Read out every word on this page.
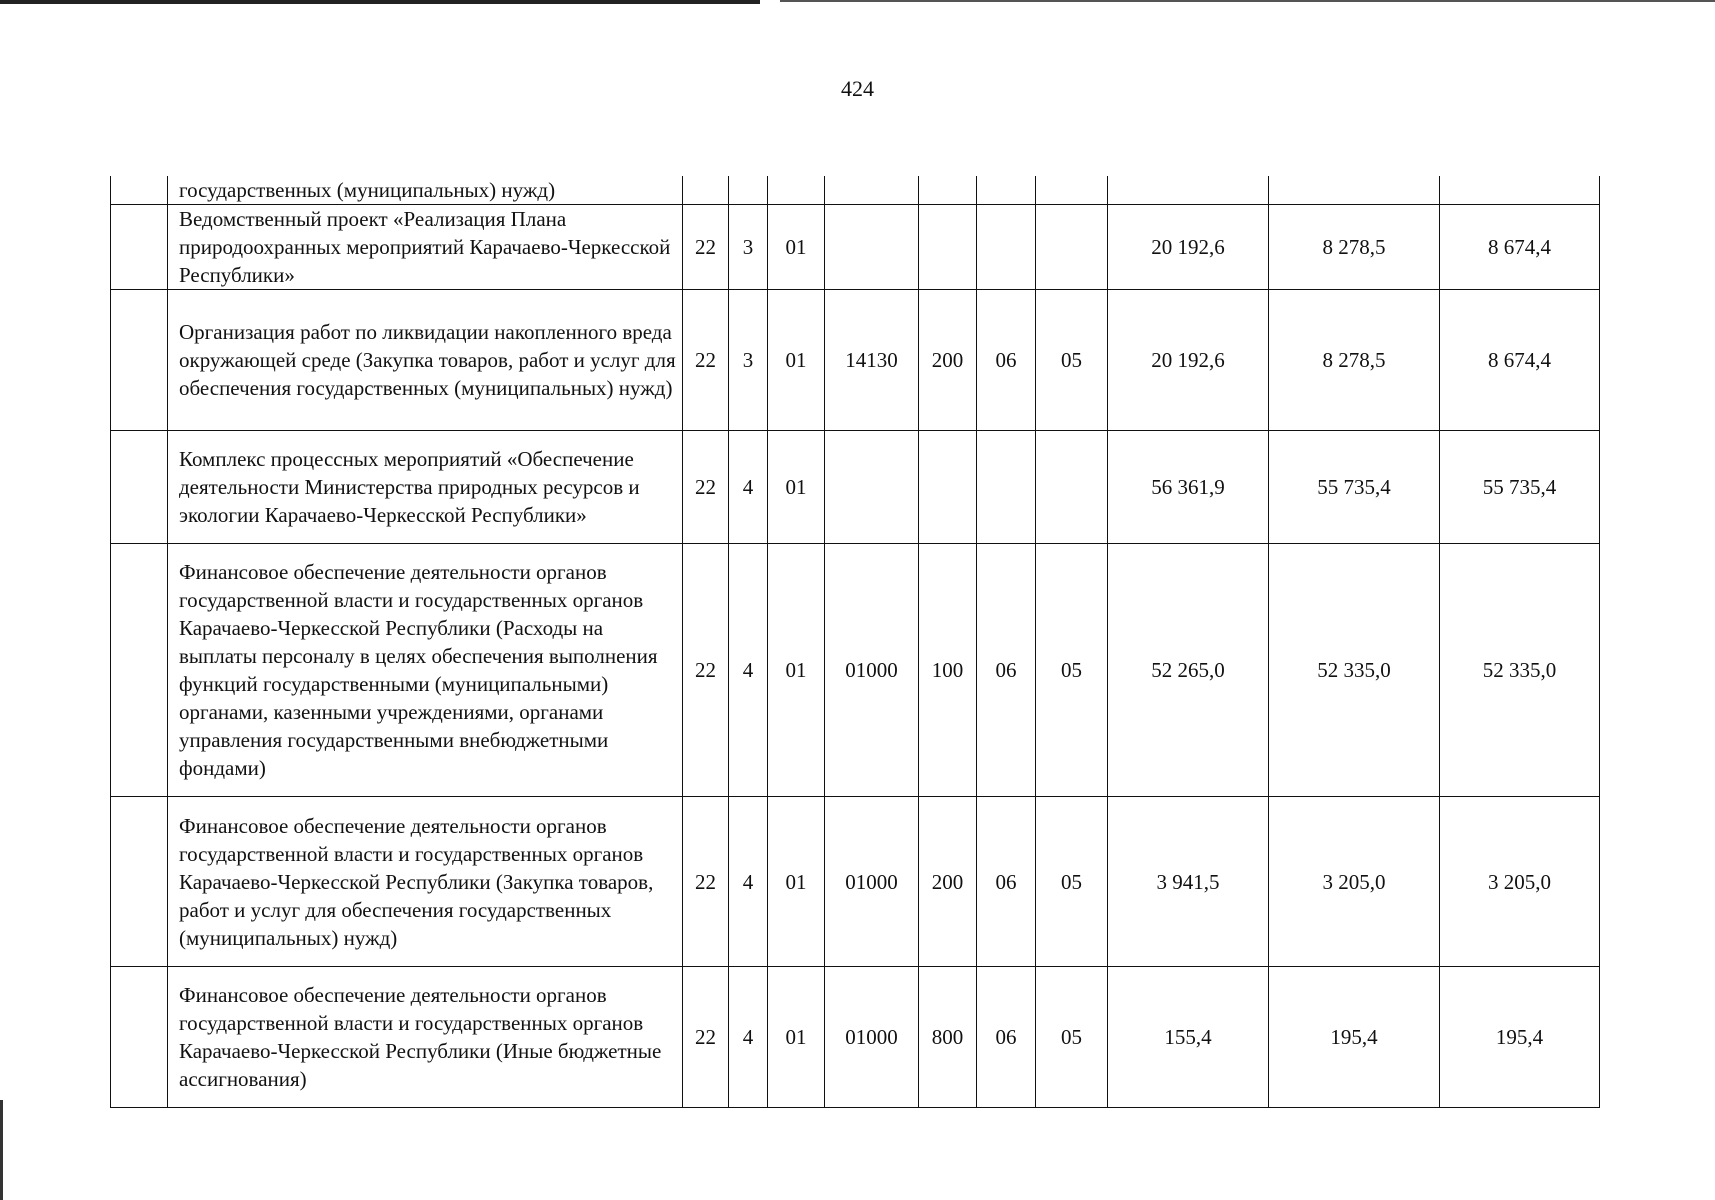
424
	государственных (муниципальных) нужд)										
	Ведомственный проект «Реализация Плана природоохранных мероприятий Карачаево-Черкесской Республики»	22	3	01					20 192,6	8 278,5	8 674,4
	Организация работ по ликвидации накопленного вреда окружающей среде (Закупка товаров, работ и услуг для обеспечения государственных (муниципальных) нужд)	22	3	01	14130	200	06	05	20 192,6	8 278,5	8 674,4
	Комплекс процессных мероприятий «Обеспечение деятельности Министерства природных ресурсов и экологии Карачаево-Черкесской Республики»	22	4	01					56 361,9	55 735,4	55 735,4
	Финансовое обеспечение деятельности органов государственной власти и государственных органов Карачаево-Черкесской Республики (Расходы на выплаты персоналу в целях обеспечения выполнения функций государственными (муниципальными) органами, казенными учреждениями, органами управления государственными внебюджетными фондами)	22	4	01	01000	100	06	05	52 265,0	52 335,0	52 335,0
	Финансовое обеспечение деятельности органов государственной власти и государственных органов Карачаево-Черкесской Республики (Закупка товаров, работ и услуг для обеспечения государственных (муниципальных) нужд)	22	4	01	01000	200	06	05	3 941,5	3 205,0	3 205,0
	Финансовое обеспечение деятельности органов государственной власти и государственных органов Карачаево-Черкесской Республики (Иные бюджетные ассигнования)	22	4	01	01000	800	06	05	155,4	195,4	195,4
